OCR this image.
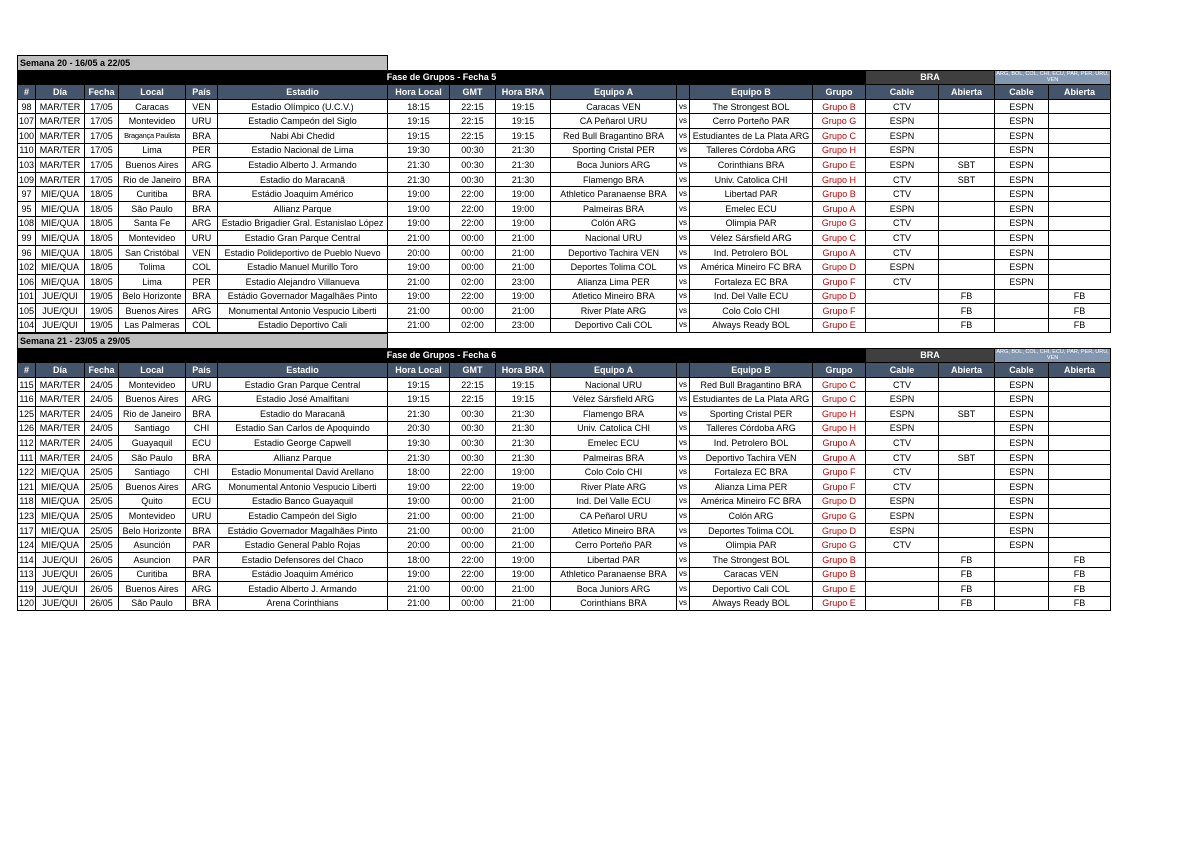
Semana 20 - 16/05 a 22/05																
Fase de Grupos - Fecha 5													BRA		ARG, BOL, COL, CHI, ECU, PAR, PER, URU, VEN	
#	Día	Fecha	Local	País	Estadio	Hora Local	GMT	Hora BRA	Equipo A		Equipo B	Grupo	Cable	Abierta	Cable	Abierta
98	MAR/TER	17/05	Caracas	VEN	Estadio Olímpico (U.C.V.)	18:15	22:15	19:15	Caracas VEN	vs	The Strongest BOL	Grupo B	CTV		ESPN	
107	MAR/TER	17/05	Montevideo	URU	Estadio Campeón del Siglo	19:15	22:15	19:15	CA Peñarol URU	vs	Cerro Porteño PAR	Grupo G	ESPN		ESPN	
100	MAR/TER	17/05	Bragança Paulista	BRA	Nabi Abi Chedid	19:15	22:15	19:15	Red Bull Bragantino BRA	vs	Estudiantes de La Plata ARG	Grupo C	ESPN		ESPN	
110	MAR/TER	17/05	Lima	PER	Estadio Nacional de Lima	19:30	00:30	21:30	Sporting Cristal PER	vs	Talleres Córdoba ARG	Grupo H	ESPN		ESPN	
103	MAR/TER	17/05	Buenos Aires	ARG	Estadio Alberto J. Armando	21:30	00:30	21:30	Boca Juniors ARG	vs	Corinthians BRA	Grupo E	ESPN	SBT	ESPN	
109	MAR/TER	17/05	Rio de Janeiro	BRA	Estadio do Maracanã	21:30	00:30	21:30	Flamengo BRA	vs	Univ. Catolica CHI	Grupo H	CTV	SBT	ESPN	
97	MIE/QUA	18/05	Curitiba	BRA	Estádio Joaquim Américo	19:00	22:00	19:00	Athletico Paranaense BRA	vs	Libertad PAR	Grupo B	CTV		ESPN	
95	MIE/QUA	18/05	São Paulo	BRA	Allianz Parque	19:00	22:00	19:00	Palmeiras BRA	vs	Emelec ECU	Grupo A	ESPN		ESPN	
108	MIE/QUA	18/05	Santa Fe	ARG	Estadio Brigadier Gral. Estanislao López	19:00	22:00	19:00	Colón ARG	vs	Olimpia PAR	Grupo G	CTV		ESPN	
99	MIE/QUA	18/05	Montevideo	URU	Estadio Gran Parque Central	21:00	00:00	21:00	Nacional URU	vs	Vélez Sársfield ARG	Grupo C	CTV		ESPN	
96	MIE/QUA	18/05	San Cristóbal	VEN	Estadio Polideportivo de Pueblo Nuevo	20:00	00:00	21:00	Deportivo Tachira VEN	vs	Ind. Petrolero BOL	Grupo A	CTV		ESPN	
102	MIE/QUA	18/05	Tolima	COL	Estadio Manuel Murillo Toro	19:00	00:00	21:00	Deportes Tolima COL	vs	América Mineiro FC BRA	Grupo D	ESPN		ESPN	
106	MIE/QUA	18/05	Lima	PER	Estadio Alejandro Villanueva	21:00	02:00	23:00	Alianza Lima PER	vs	Fortaleza EC BRA	Grupo F	CTV		ESPN	
101	JUE/QUI	19/05	Belo Horizonte	BRA	Estádio Governador Magalhães Pinto	19:00	22:00	19:00	Atletico Mineiro BRA	vs	Ind. Del Valle ECU	Grupo D		FB		FB
105	JUE/QUI	19/05	Buenos Aires	ARG	Monumental Antonio Vespucio Liberti	21:00	00:00	21:00	River Plate ARG	vs	Colo Colo CHI	Grupo F		FB		FB
104	JUE/QUI	19/05	Las Palmeras	COL	Estadio Deportivo Cali	21:00	02:00	23:00	Deportivo Cali COL	vs	Always Ready BOL	Grupo E		FB		FB
Semana 21 - 23/05 a 29/05																
Fase de Grupos - Fecha 6													BRA		ARG, BOL, COL, CHI, ECU, PAR, PER, URU, VEN	
#	Día	Fecha	Local	País	Estadio	Hora Local	GMT	Hora BRA	Equipo A		Equipo B	Grupo	Cable	Abierta	Cable	Abierta
115	MAR/TER	24/05	Montevideo	URU	Estadio Gran Parque Central	19:15	22:15	19:15	Nacional URU	vs	Red Bull Bragantino BRA	Grupo C	CTV		ESPN	
116	MAR/TER	24/05	Buenos Aires	ARG	Estadio José Amalfitani	19:15	22:15	19:15	Vélez Sársfield ARG	vs	Estudiantes de La Plata ARG	Grupo C	ESPN		ESPN	
125	MAR/TER	24/05	Rio de Janeiro	BRA	Estadio do Maracanã	21:30	00:30	21:30	Flamengo BRA	vs	Sporting Cristal PER	Grupo H	ESPN	SBT	ESPN	
126	MAR/TER	24/05	Santiago	CHI	Estadio San Carlos de Apoquindo	20:30	00:30	21:30	Univ. Catolica CHI	vs	Talleres Córdoba ARG	Grupo H	ESPN		ESPN	
112	MAR/TER	24/05	Guayaquil	ECU	Estadio George Capwell	19:30	00:30	21:30	Emelec ECU	vs	Ind. Petrolero BOL	Grupo A	CTV		ESPN	
111	MAR/TER	24/05	São Paulo	BRA	Allianz Parque	21:30	00:30	21:30	Palmeiras BRA	vs	Deportivo Tachira VEN	Grupo A	CTV	SBT	ESPN	
122	MIE/QUA	25/05	Santiago	CHI	Estadio Monumental David Arellano	18:00	22:00	19:00	Colo Colo CHI	vs	Fortaleza EC BRA	Grupo F	CTV		ESPN	
121	MIE/QUA	25/05	Buenos Aires	ARG	Monumental Antonio Vespucio Liberti	19:00	22:00	19:00	River Plate ARG	vs	Alianza Lima PER	Grupo F	CTV		ESPN	
118	MIE/QUA	25/05	Quito	ECU	Estadio Banco Guayaquil	19:00	00:00	21:00	Ind. Del Valle ECU	vs	América Mineiro FC BRA	Grupo D	ESPN		ESPN	
123	MIE/QUA	25/05	Montevideo	URU	Estadio Campeón del Siglo	21:00	00:00	21:00	CA Peñarol URU	vs	Colón ARG	Grupo G	ESPN		ESPN	
117	MIE/QUA	25/05	Belo Horizonte	BRA	Estádio Governador Magalhães Pinto	21:00	00:00	21:00	Atletico Mineiro BRA	vs	Deportes Tolima COL	Grupo D	ESPN		ESPN	
124	MIE/QUA	25/05	Asunción	PAR	Estadio General Pablo Rojas	20:00	00:00	21:00	Cerro Porteño PAR	vs	Olimpia PAR	Grupo G	CTV		ESPN	
114	JUE/QUI	26/05	Asuncion	PAR	Estadio Defensores del Chaco	18:00	22:00	19:00	Libertad PAR	vs	The Strongest BOL	Grupo B		FB		FB
113	JUE/QUI	26/05	Curitiba	BRA	Estádio Joaquim Américo	19:00	22:00	19:00	Athletico Paranaense BRA	vs	Caracas VEN	Grupo B		FB		FB
119	JUE/QUI	26/05	Buenos Aires	ARG	Estadio Alberto J. Armando	21:00	00:00	21:00	Boca Juniors ARG	vs	Deportivo Cali COL	Grupo E		FB		FB
120	JUE/QUI	26/05	São Paulo	BRA	Arena Corinthians	21:00	00:00	21:00	Corinthians BRA	vs	Always Ready BOL	Grupo E		FB		FB
